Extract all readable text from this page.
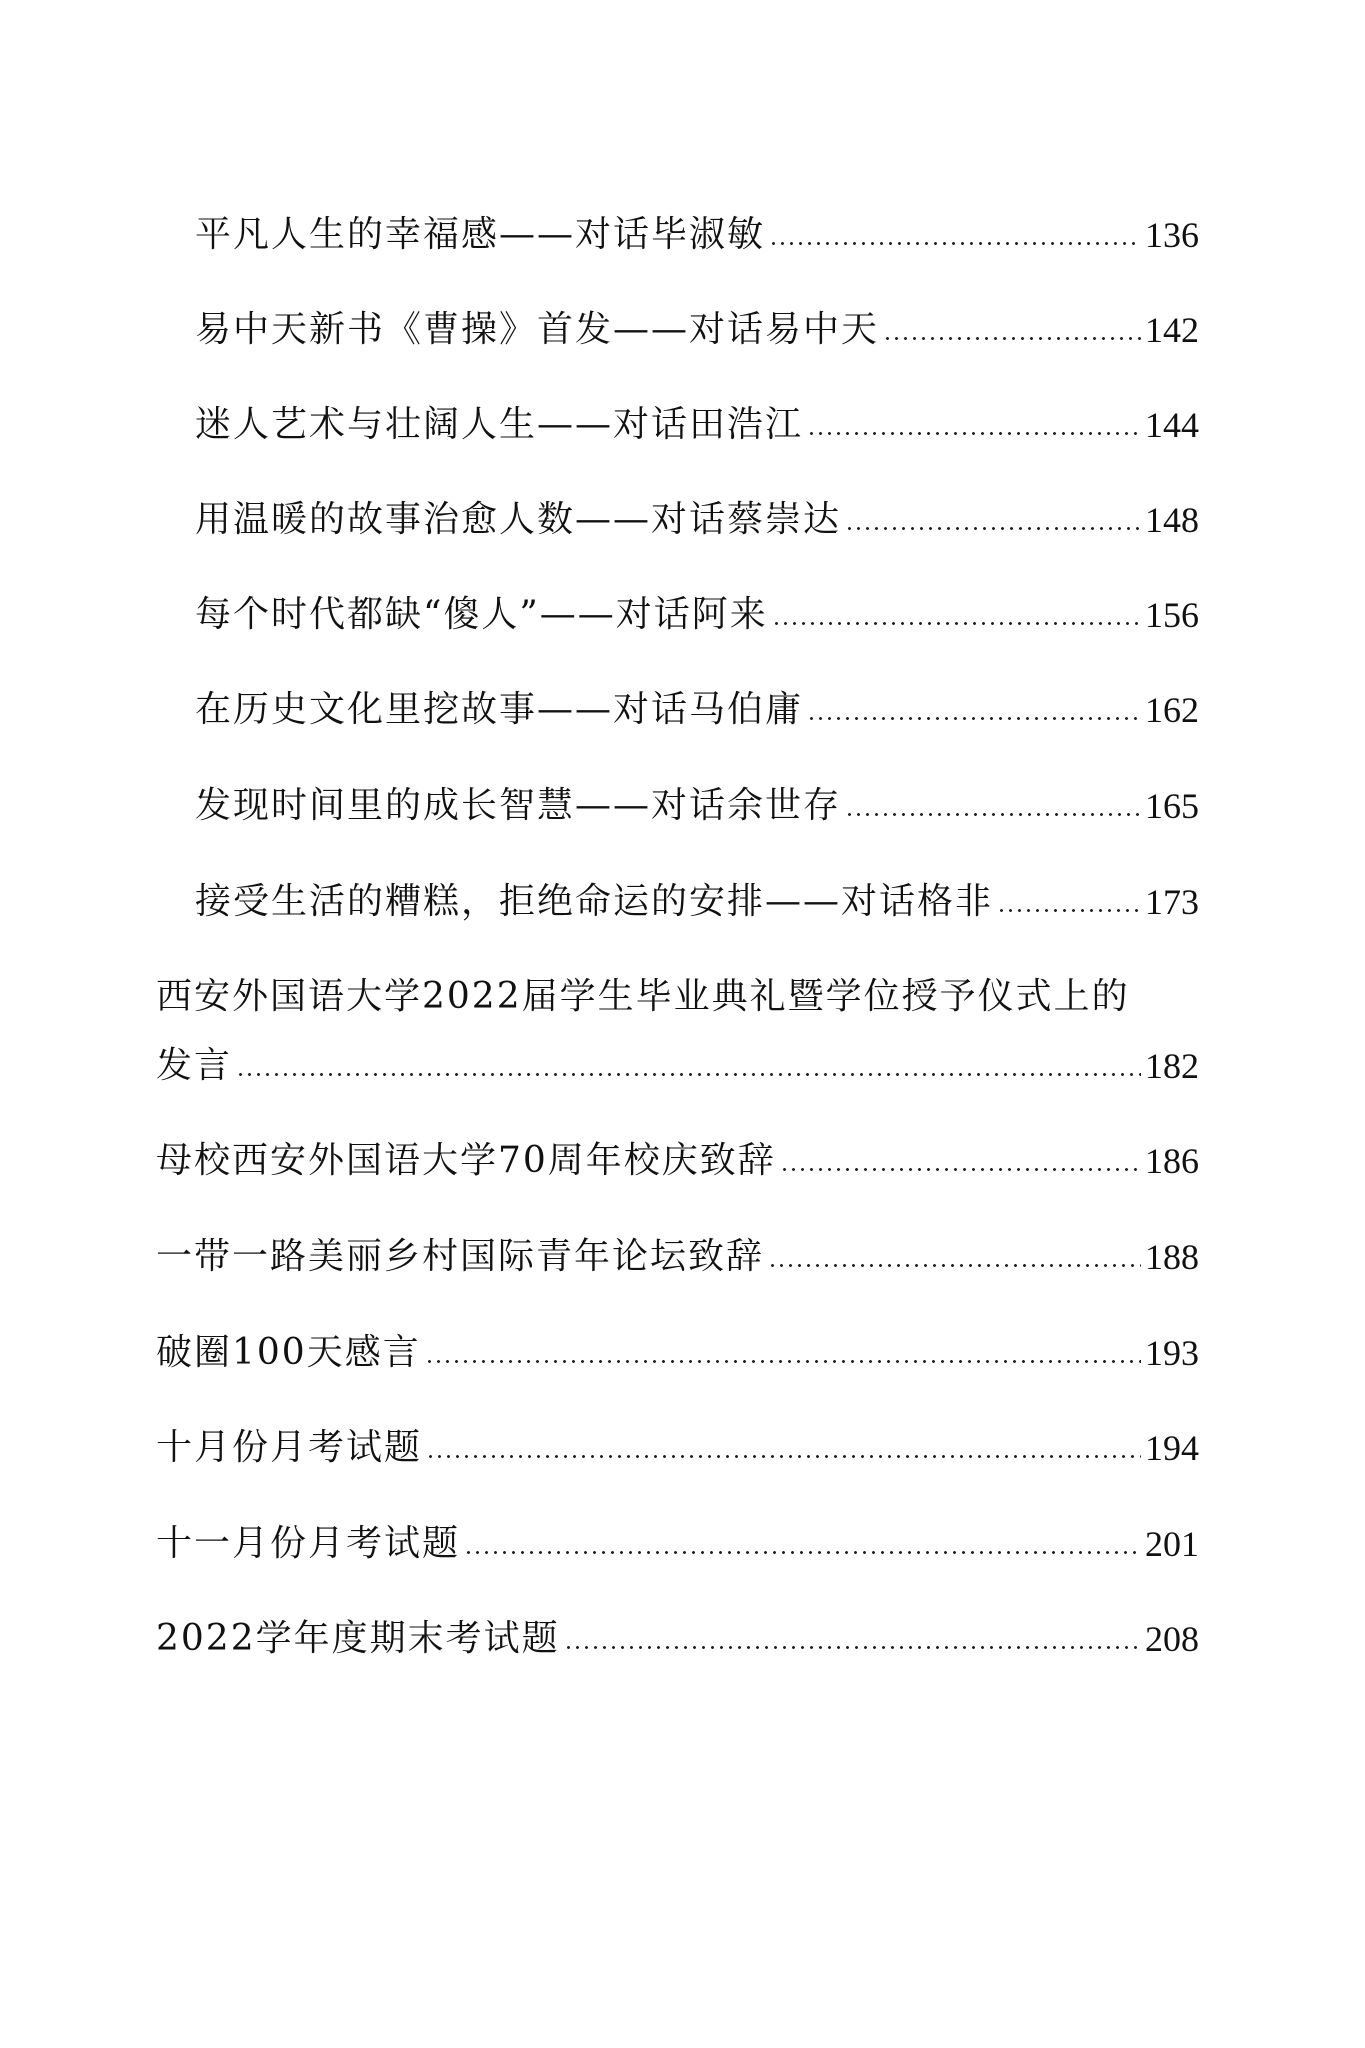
平凡人生的幸福感——对话毕淑敏	136
易中天新书《曹操》首发——对话易中天	142
迷人艺术与壮阔人生——对话田浩江	144
用温暖的故事治愈人数——对话蔡崇达	148
每个时代都缺“傻人”——对话阿来	156
在历史文化里挖故事——对话马伯庸	162
发现时间里的成长智慧——对话余世存	165
接受生活的糟糕，拒绝命运的安排——对话格非	173
西安外国语大学2022届学生毕业典礼暨学位授予仪式上的
发言	182
母校西安外国语大学70周年校庆致辞	186
一带一路美丽乡村国际青年论坛致辞	188
破圈100天感言	193
十月份月考试题	194
十一月份月考试题	201
2022学年度期末考试题	208
